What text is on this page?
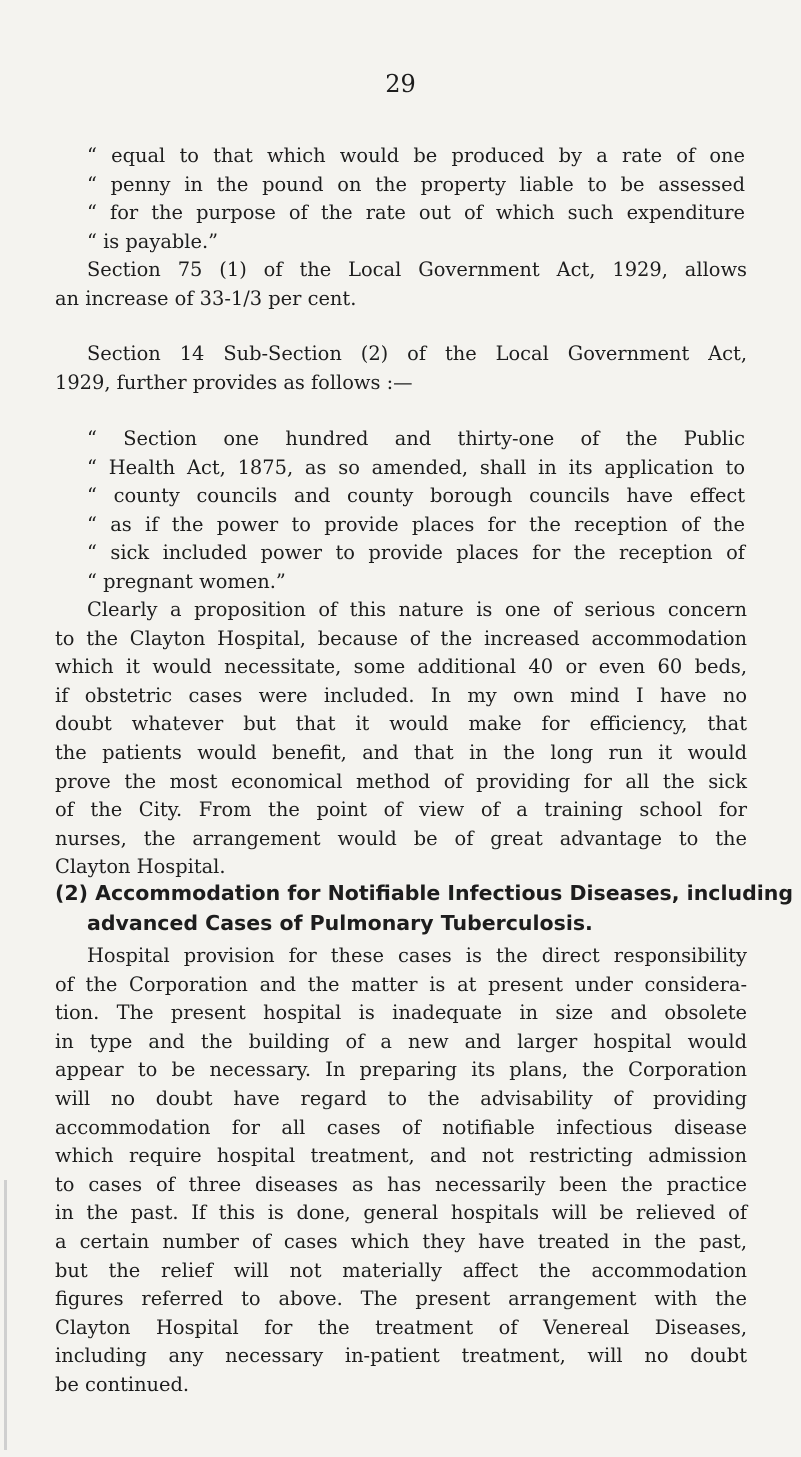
29
“ equal to that which would be produced by a rate of one
“ penny in the pound on the property liable to be assessed
“ for the purpose of the rate out of which such expenditure
“ is payable.”
Section 75 (1) of the Local Government Act, 1929, allows
an increase of 33-1/3 per cent.
Section 14 Sub-Section (2) of the Local Government Act,
1929, further provides as follows :—
“ Section one hundred and thirty-one of the Public
“ Health Act, 1875, as so amended, shall in its application to
“ county councils and county borough councils have effect
“ as if the power to provide places for the reception of the
“ sick included power to provide places for the reception of
“ pregnant women.”
Clearly a proposition of this nature is one of serious concern
to the Clayton Hospital, because of the increased accommodation
which it would necessitate, some additional 40 or even 60 beds,
if obstetric cases were included. In my own mind I have no
doubt whatever but that it would make for efficiency, that
the patients would benefit, and that in the long run it would
prove the most economical method of providing for all the sick
of the City. From the point of view of a training school for
nurses, the arrangement would be of great advantage to the
Clayton Hospital.
(2) Accommodation for Notifiable Infectious Diseases, including
advanced Cases of Pulmonary Tuberculosis.
Hospital provision for these cases is the direct responsibility
of the Corporation and the matter is at present under considera-
tion. The present hospital is inadequate in size and obsolete
in type and the building of a new and larger hospital would
appear to be necessary. In preparing its plans, the Corporation
will no doubt have regard to the advisability of providing
accommodation for all cases of notifiable infectious disease
which require hospital treatment, and not restricting admission
to cases of three diseases as has necessarily been the practice
in the past. If this is done, general hospitals will be relieved of
a certain number of cases which they have treated in the past,
but the relief will not materially affect the accommodation
figures referred to above. The present arrangement with the
Clayton Hospital for the treatment of Venereal Diseases,
including any necessary in-patient treatment, will no doubt
be continued.
